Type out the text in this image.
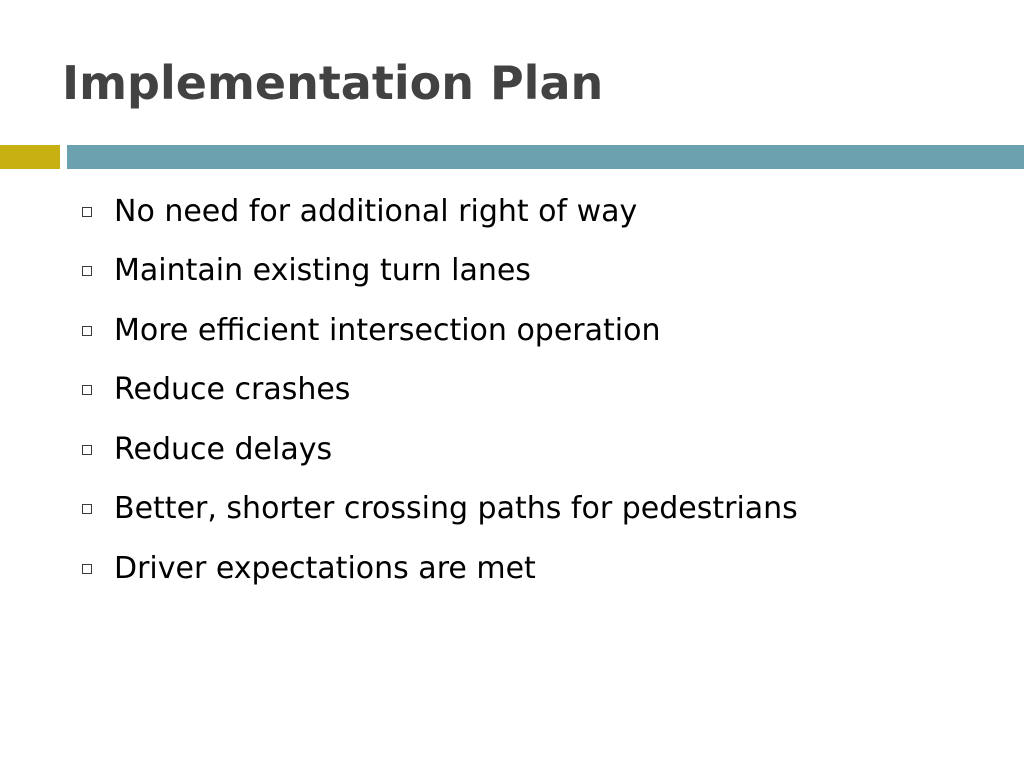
Implementation Plan
No need for additional right of way
Maintain existing turn lanes
More efficient intersection operation
Reduce crashes
Reduce delays
Better, shorter crossing paths for pedestrians
Driver expectations are met
